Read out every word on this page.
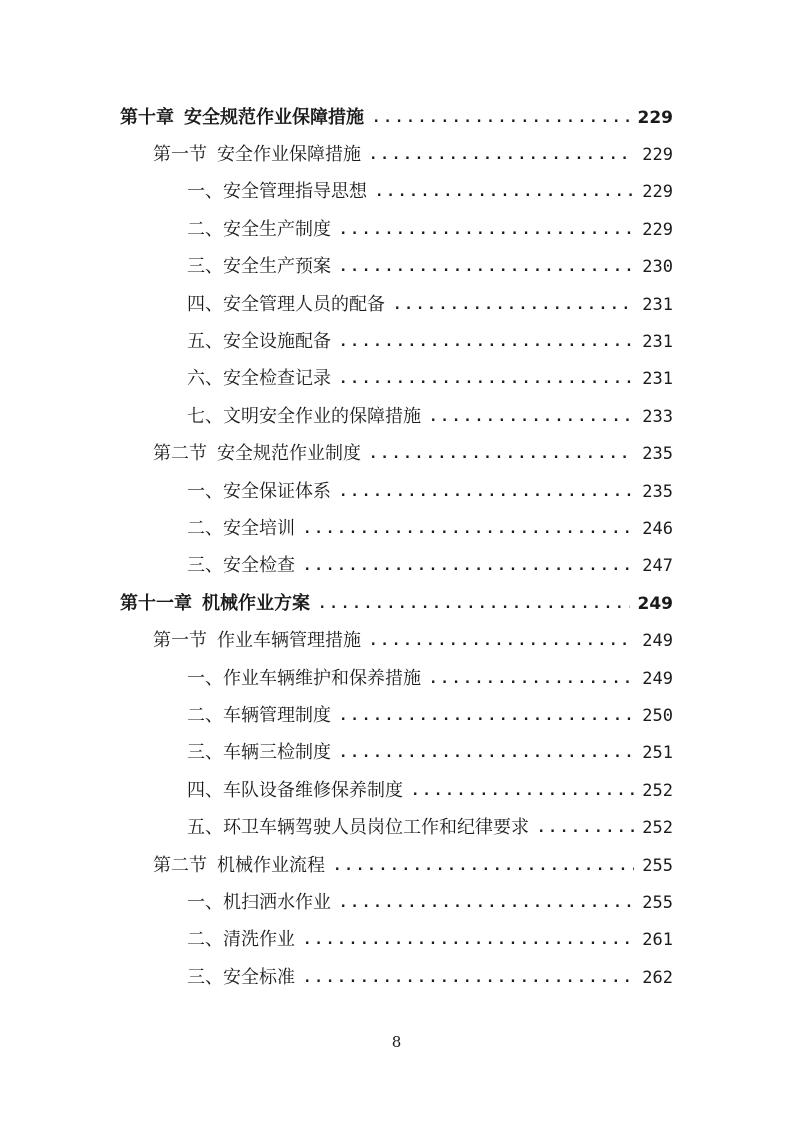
第十章 安全规范作业保障措施 .....	229
第一节 安全作业保障措施 .....	229
一、 安全管理指导思想 .....	229
二、 安全生产制度 .....	229
三、 安全生产预案 .....	230
四、 安全管理人员的配备 .....	231
五、 安全设施配备 .....	231
六、 安全检查记录 .....	231
七、 文明安全作业的保障措施 .....	233
第二节 安全规范作业制度 .....	235
一、 安全保证体系 .....	235
二、 安全培训 .....	246
三、 安全检查 .....	247
第十一章 机械作业方案 .....	249
第一节 作业车辆管理措施 .....	249
一、 作业车辆维护和保养措施 .....	249
二、 车辆管理制度 .....	250
三、 车辆三检制度 .....	251
四、 车队设备维修保养制度 .....	252
五、 环卫车辆驾驶人员岗位工作和纪律要求 .....	252
第二节 机械作业流程 .....	255
一、 机扫洒水作业 .....	255
二、 清洗作业 .....	261
三、 安全标准 .....	262
8
